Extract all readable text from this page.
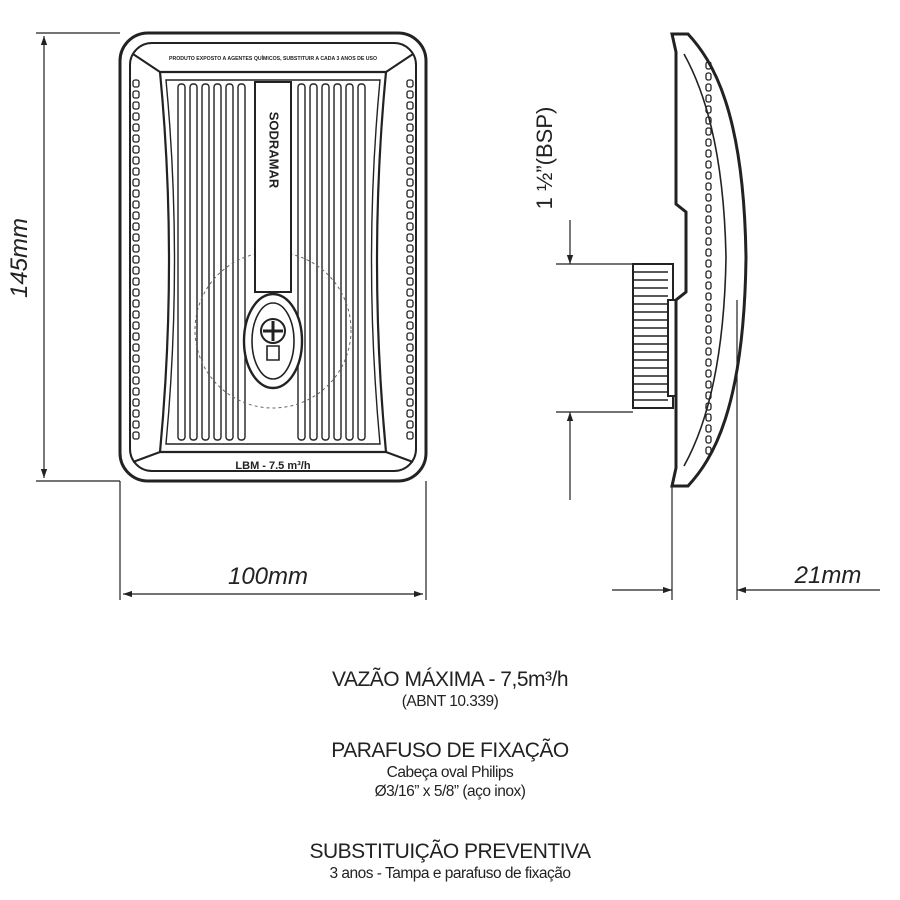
SODRAMAR
PRODUTO EXPOSTO A AGENTES QUÍMICOS, SUBSTITUIR A CADA 3 ANOS DE USO
LBM - 7.5 m³/h
145mm
100mm
1 ½”(BSP)
21mm
VAZÃO MÁXIMA - 7,5m³/h
(ABNT 10.339)
PARAFUSO DE FIXAÇÃO
Cabeça oval Philips
Ø3/16” x 5/8” (aço inox)
SUBSTITUIÇÃO PREVENTIVA
3 anos - Tampa e parafuso de fixação
